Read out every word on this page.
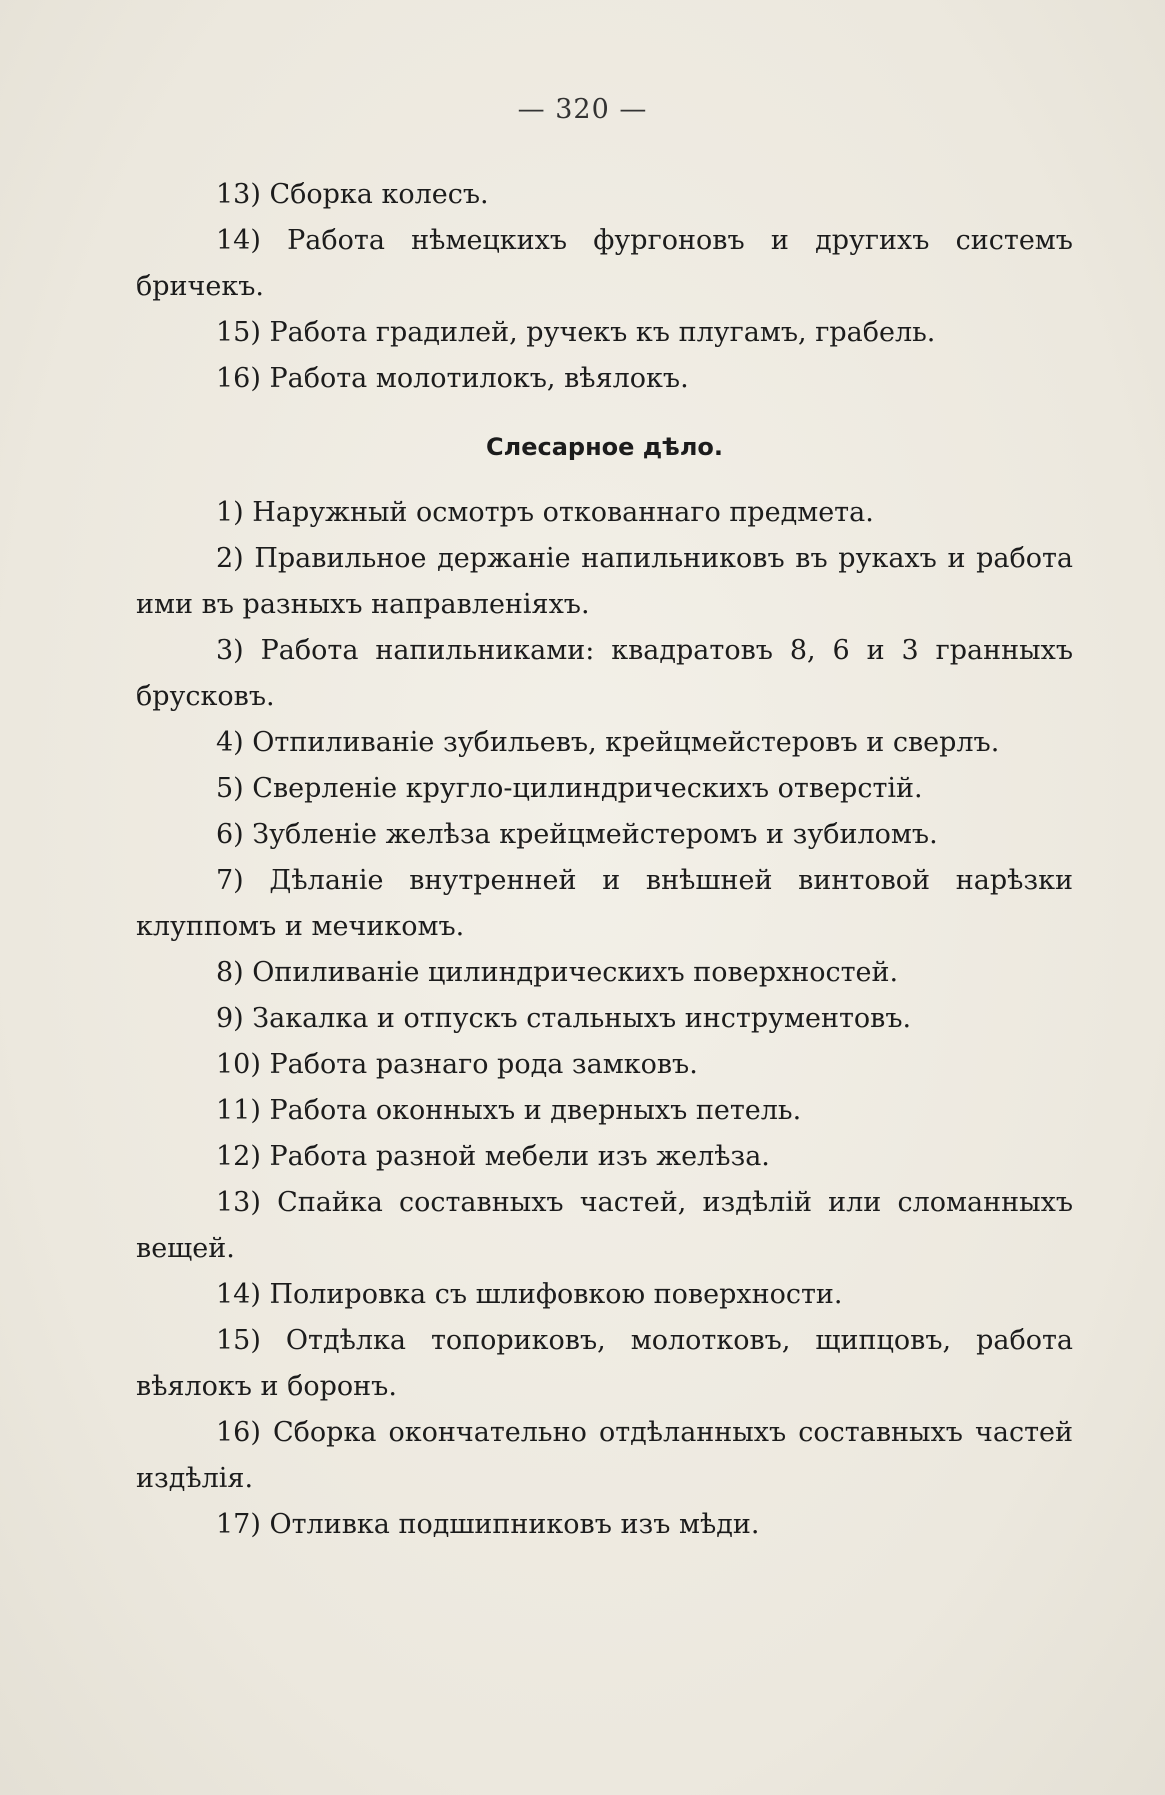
— 320 —

13) Сборка колесъ.

14) Работа нѣмецкихъ фургоновъ и другихъ системъ бричекъ.

15) Работа градилей, ручекъ къ плугамъ, грабель.

16) Работа молотилокъ, вѣялокъ.

Слесарное дѣло.

1) Наружный осмотръ откованнаго предмета.

2) Правильное держаніе напильниковъ въ рукахъ и работа ими въ разныхъ направленіяхъ.

3) Работа напильниками: квадратовъ 8, 6 и 3 гранныхъ брусковъ.

4) Отпиливаніе зубильевъ, крейцмейстеровъ и сверлъ.

5) Сверленіе кругло-цилиндрическихъ отверстій.

6) Зубленіе желѣза крейцмейстеромъ и зубиломъ.

7) Дѣланіе внутренней и внѣшней винтовой нарѣзки клуппомъ и мечикомъ.

8) Опиливаніе цилиндрическихъ поверхностей.

9) Закалка и отпускъ стальныхъ инструментовъ.

10) Работа разнаго рода замковъ.

11) Работа оконныхъ и дверныхъ петель.

12) Работа разной мебели изъ желѣза.

13) Спайка составныхъ частей, издѣлій или сломанныхъ вещей.

14) Полировка съ шлифовкою поверхности.

15) Отдѣлка топориковъ, молотковъ, щипцовъ, работа вѣялокъ и боронъ.

16) Сборка окончательно отдѣланныхъ составныхъ частей издѣлія.

17) Отливка подшипниковъ изъ мѣди.
